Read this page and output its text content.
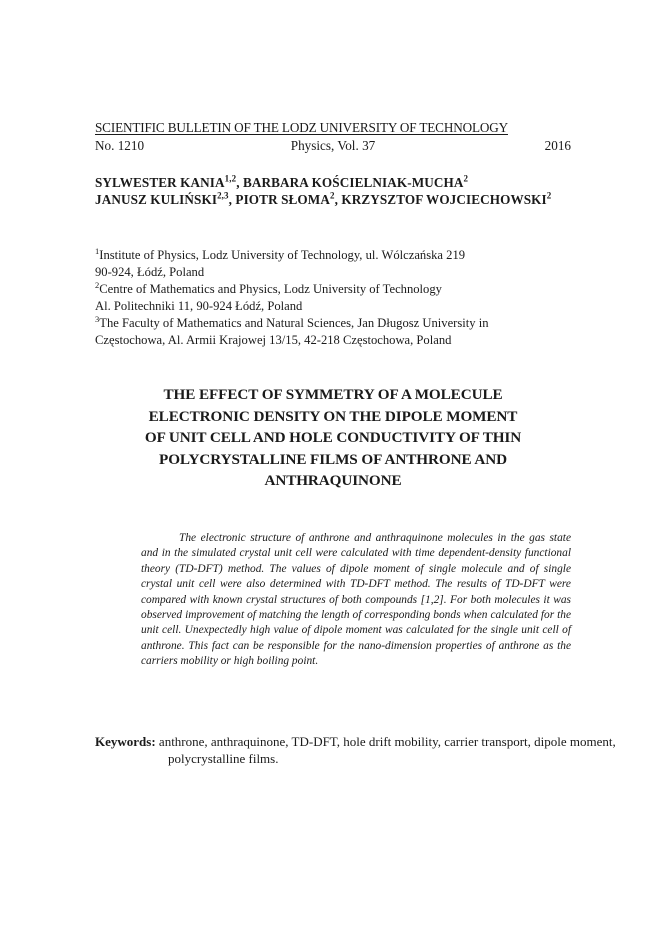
SCIENTIFIC BULLETIN OF THE LODZ UNIVERSITY OF TECHNOLOGY
No. 1210	Physics, Vol. 37	2016
SYLWESTER KANIA$^{1,2}$, BARBARA KOŚCIELNIAK-MUCHA$^2$
JANUSZ KULIŃSKI$^{2,3}$, PIOTR SŁOMA$^2$, KRZYSZTOF WOJCIECHOWSKI$^2$
$^1$Institute of Physics, Lodz University of Technology, ul. Wólczańska 219
90-924, Łódź, Poland
$^2$Centre of Mathematics and Physics, Lodz University of Technology
Al. Politechniki 11, 90-924 Łódź, Poland
$^3$The Faculty of Mathematics and Natural Sciences, Jan Długosz University in
Częstochowa, Al. Armii Krajowej 13/15, 42-218 Częstochowa, Poland
THE EFFECT OF SYMMETRY OF A MOLECULE
ELECTRONIC DENSITY ON THE DIPOLE MOMENT
OF UNIT CELL AND HOLE CONDUCTIVITY OF THIN
POLYCRYSTALLINE FILMS OF ANTHRONE AND
ANTHRAQUINONE
The electronic structure of anthrone and anthraquinone molecules in the gas state and in the simulated crystal unit cell were calculated with time dependent-density functional theory (TD-DFT) method. The values of dipole moment of single molecule and of single crystal unit cell were also determined with TD-DFT method. The results of TD-DFT were compared with known crystal structures of both compounds [1,2]. For both molecules it was observed improvement of matching the length of corresponding bonds when calculated for the unit cell. Unexpectedly high value of dipole moment was calculated for the single unit cell of anthrone. This fact can be responsible for the nano-dimension properties of anthrone as the carriers mobility or high boiling point.
Keywords: anthrone, anthraquinone, TD-DFT, hole drift mobility, carrier transport, dipole moment, polycrystalline films.
